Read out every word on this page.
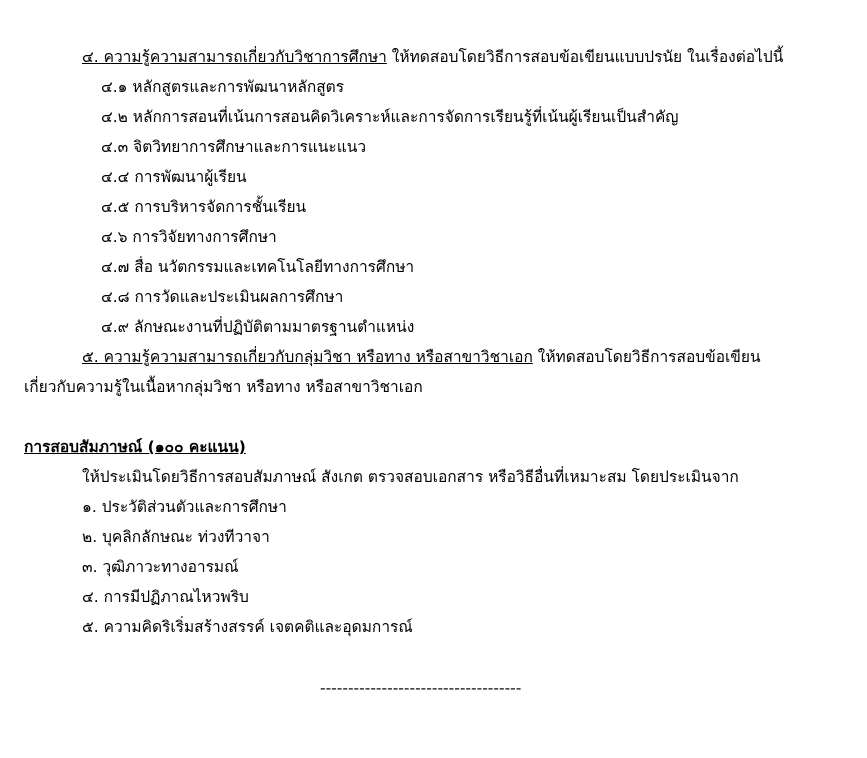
๔. ความรู้ความสามารถเกี่ยวกับวิชาการศึกษา ให้ทดสอบโดยวิธีการสอบข้อเขียนแบบปรนัย ในเรื่องต่อไปนี้
๔.๑ หลักสูตรและการพัฒนาหลักสูตร
๔.๒ หลักการสอนที่เน้นการสอนคิดวิเคราะห์และการจัดการเรียนรู้ที่เน้นผู้เรียนเป็นสำคัญ
๔.๓ จิตวิทยาการศึกษาและการแนะแนว
๔.๔ การพัฒนาผู้เรียน
๔.๕ การบริหารจัดการชั้นเรียน
๔.๖ การวิจัยทางการศึกษา
๔.๗ สื่อ นวัตกรรมและเทคโนโลยีทางการศึกษา
๔.๘ การวัดและประเมินผลการศึกษา
๔.๙ ลักษณะงานที่ปฏิบัติตามมาตรฐานตำแหน่ง
๕. ความรู้ความสามารถเกี่ยวกับกลุ่มวิชา หรือทาง หรือสาขาวิชาเอก ให้ทดสอบโดยวิธีการสอบข้อเขียน
เกี่ยวกับความรู้ในเนื้อหากลุ่มวิชา หรือทาง หรือสาขาวิชาเอก
การสอบสัมภาษณ์ (๑๐๐ คะแนน)
ให้ประเมินโดยวิธีการสอบสัมภาษณ์ สังเกต ตรวจสอบเอกสาร หรือวิธีอื่นที่เหมาะสม โดยประเมินจาก
๑. ประวัติส่วนตัวและการศึกษา
๒. บุคลิกลักษณะ ท่วงทีวาจา
๓. วุฒิภาวะทางอารมณ์
๔. การมีปฏิภาณไหวพริบ
๕. ความคิดริเริ่มสร้างสรรค์ เจตคติและอุดมการณ์
------------------------------------
